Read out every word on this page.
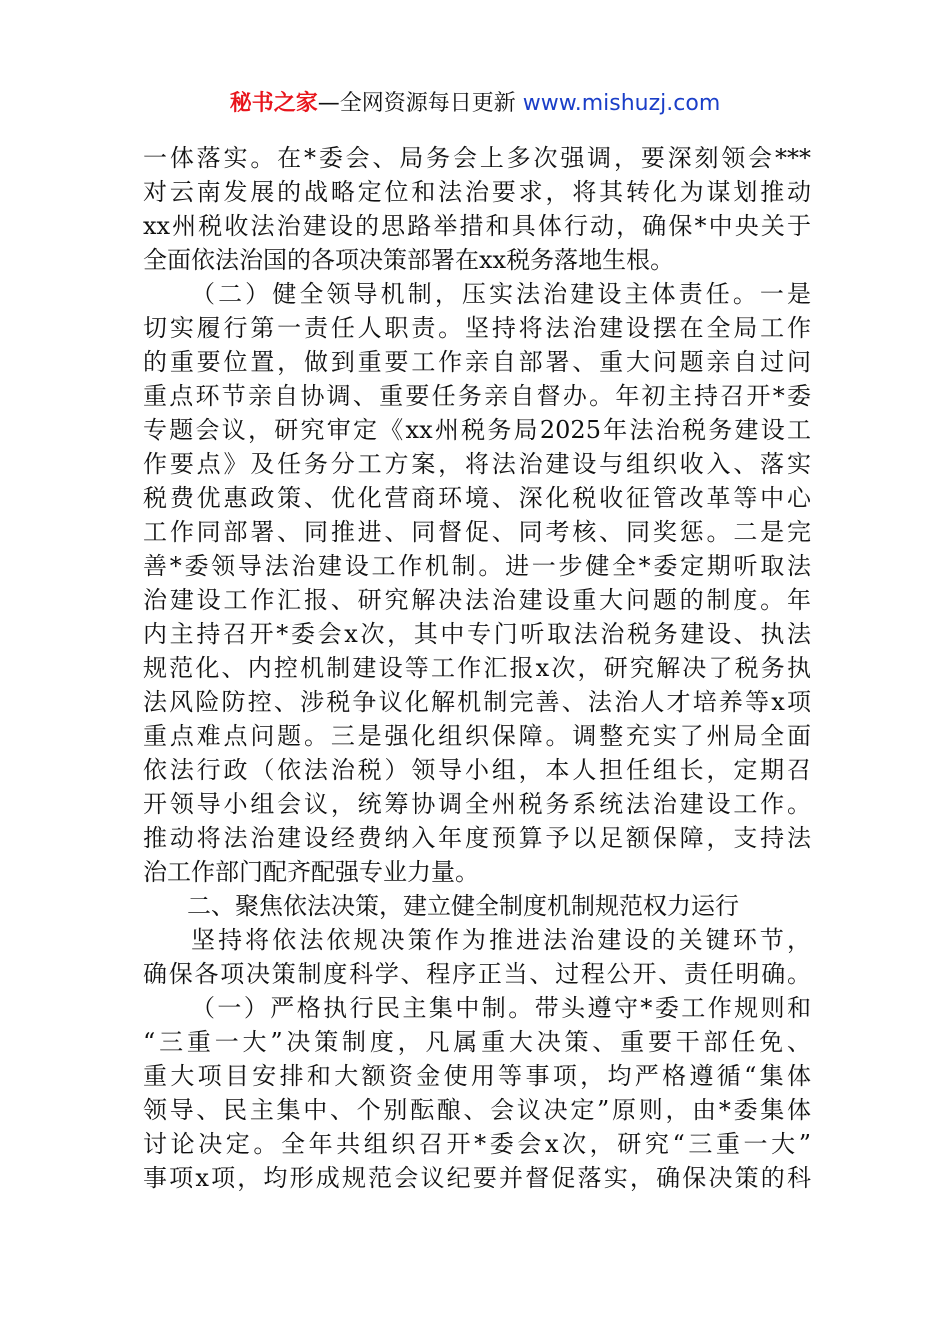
秘书之家—全网资源每日更新 www.mishuzj.com
一体落实。在*委会、局务会上多次强调，要深刻领会***
对云南发展的战略定位和法治要求，将其转化为谋划推动
xx州税收法治建设的思路举措和具体行动，确保*中央关于
全面依法治国的各项决策部署在xx税务落地生根。
（二）健全领导机制，压实法治建设主体责任。一是
切实履行第一责任人职责。坚持将法治建设摆在全局工作
的重要位置，做到重要工作亲自部署、重大问题亲自过问
重点环节亲自协调、重要任务亲自督办。年初主持召开*委
专题会议，研究审定《xx州税务局2025年法治税务建设工
作要点》及任务分工方案，将法治建设与组织收入、落实
税费优惠政策、优化营商环境、深化税收征管改革等中心
工作同部署、同推进、同督促、同考核、同奖惩。二是完
善*委领导法治建设工作机制。进一步健全*委定期听取法
治建设工作汇报、研究解决法治建设重大问题的制度。年
内主持召开*委会x次，其中专门听取法治税务建设、执法
规范化、内控机制建设等工作汇报x次，研究解决了税务执
法风险防控、涉税争议化解机制完善、法治人才培养等x项
重点难点问题。三是强化组织保障。调整充实了州局全面
依法行政（依法治税）领导小组，本人担任组长，定期召
开领导小组会议，统筹协调全州税务系统法治建设工作。
推动将法治建设经费纳入年度预算予以足额保障，支持法
治工作部门配齐配强专业力量。
二、聚焦依法决策，建立健全制度机制规范权力运行
坚持将依法依规决策作为推进法治建设的关键环节，
确保各项决策制度科学、程序正当、过程公开、责任明确。
（一）严格执行民主集中制。带头遵守*委工作规则和
“三重一大”决策制度，凡属重大决策、重要干部任免、
重大项目安排和大额资金使用等事项，均严格遵循“集体
领导、民主集中、个别酝酿、会议决定”原则，由*委集体
讨论决定。全年共组织召开*委会x次，研究“三重一大”
事项x项，均形成规范会议纪要并督促落实，确保决策的科
